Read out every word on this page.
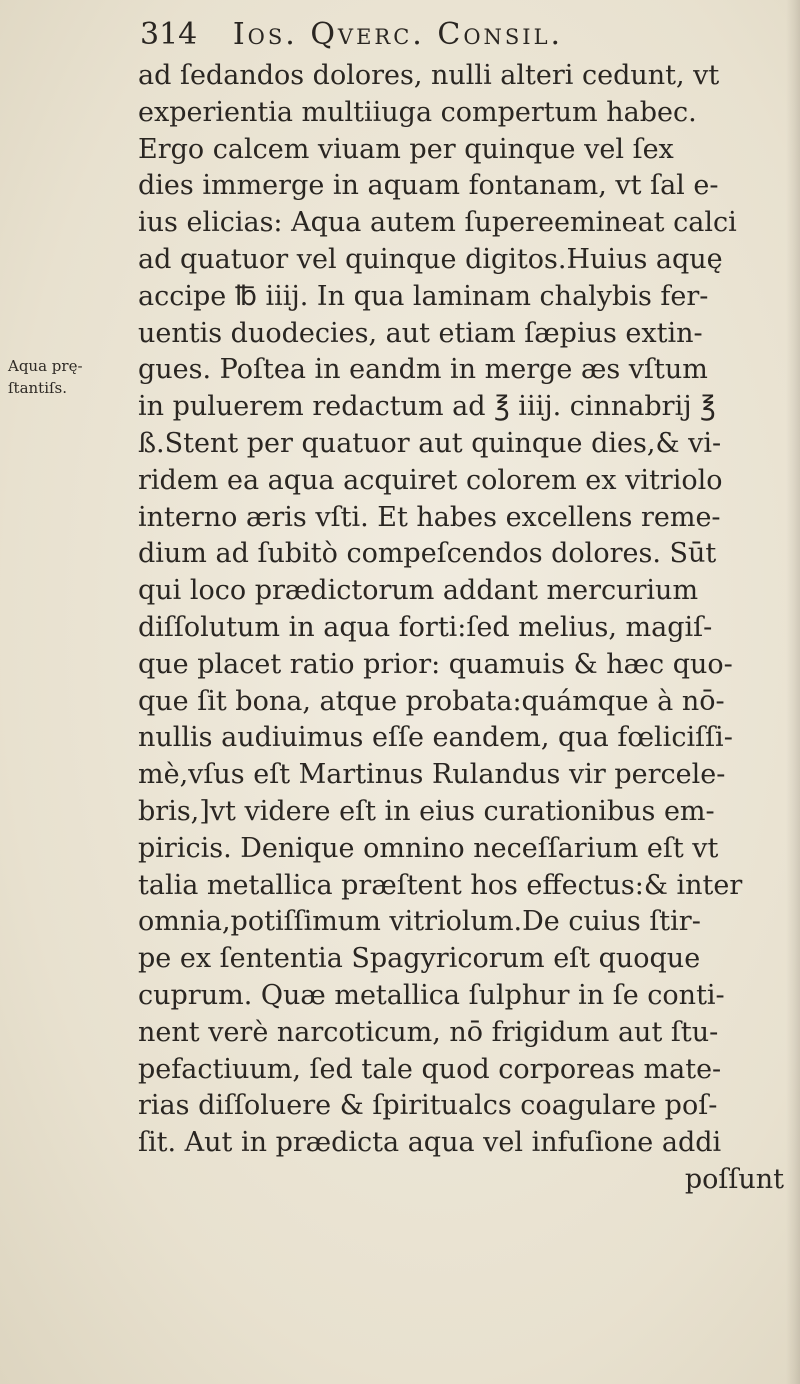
314 Ios. Qverc. Consil.
Aqua prę-
ſtantiſs.
ad ſedandos dolores, nulli alteri cedunt, vt
experientia multiiuga compertum habec.
Ergo calcem viuam per quinque vel ſex
dies immerge in aquam fontanam, vt ſal e-
ius elicias: Aqua autem ſupereemineat calci
ad quatuor vel quinque digitos.Huius aquę
accipe ℔ iiij. In qua laminam chalybis fer-
uentis duodecies, aut etiam ſæpius extin-
gues. Poſtea in eandm in merge æs vſtum
in puluerem redactum ad ℥ iiij. cinnabrij ℥
ß.Stent per quatuor aut quinque dies,& vi-
ridem ea aqua acquiret colorem ex vitriolo
interno æris vſti. Et habes excellens reme-
dium ad ſubitò compeſcendos dolores. Sūt
qui loco prædictorum addant mercurium
diſſolutum in aqua forti:ſed melius, magiſ-
que placet ratio prior: quamuis & hæc quo-
que ſit bona, atque probata:quámque à nō-
nullis audiuimus eſſe eandem, qua fœliciſſi-
mè,vſus eſt Martinus Rulandus vir percele-
bris,]vt videre eſt in eius curationibus em-
piricis. Denique omnino neceſſarium eſt vt
talia metallica præſtent hos effectus:& inter
omnia,potiſſimum vitriolum.De cuius ſtir-
pe ex ſententia Spagyricorum eſt quoque
cuprum. Quæ metallica ſulphur in ſe conti-
nent verè narcoticum, nō frigidum aut ſtu-
pefactiuum, ſed tale quod corporeas mate-
rias diſſoluere & ſpiritualcs coagulare poſ-
ſit. Aut in prædicta aqua vel infuſione addi
poſſunt
